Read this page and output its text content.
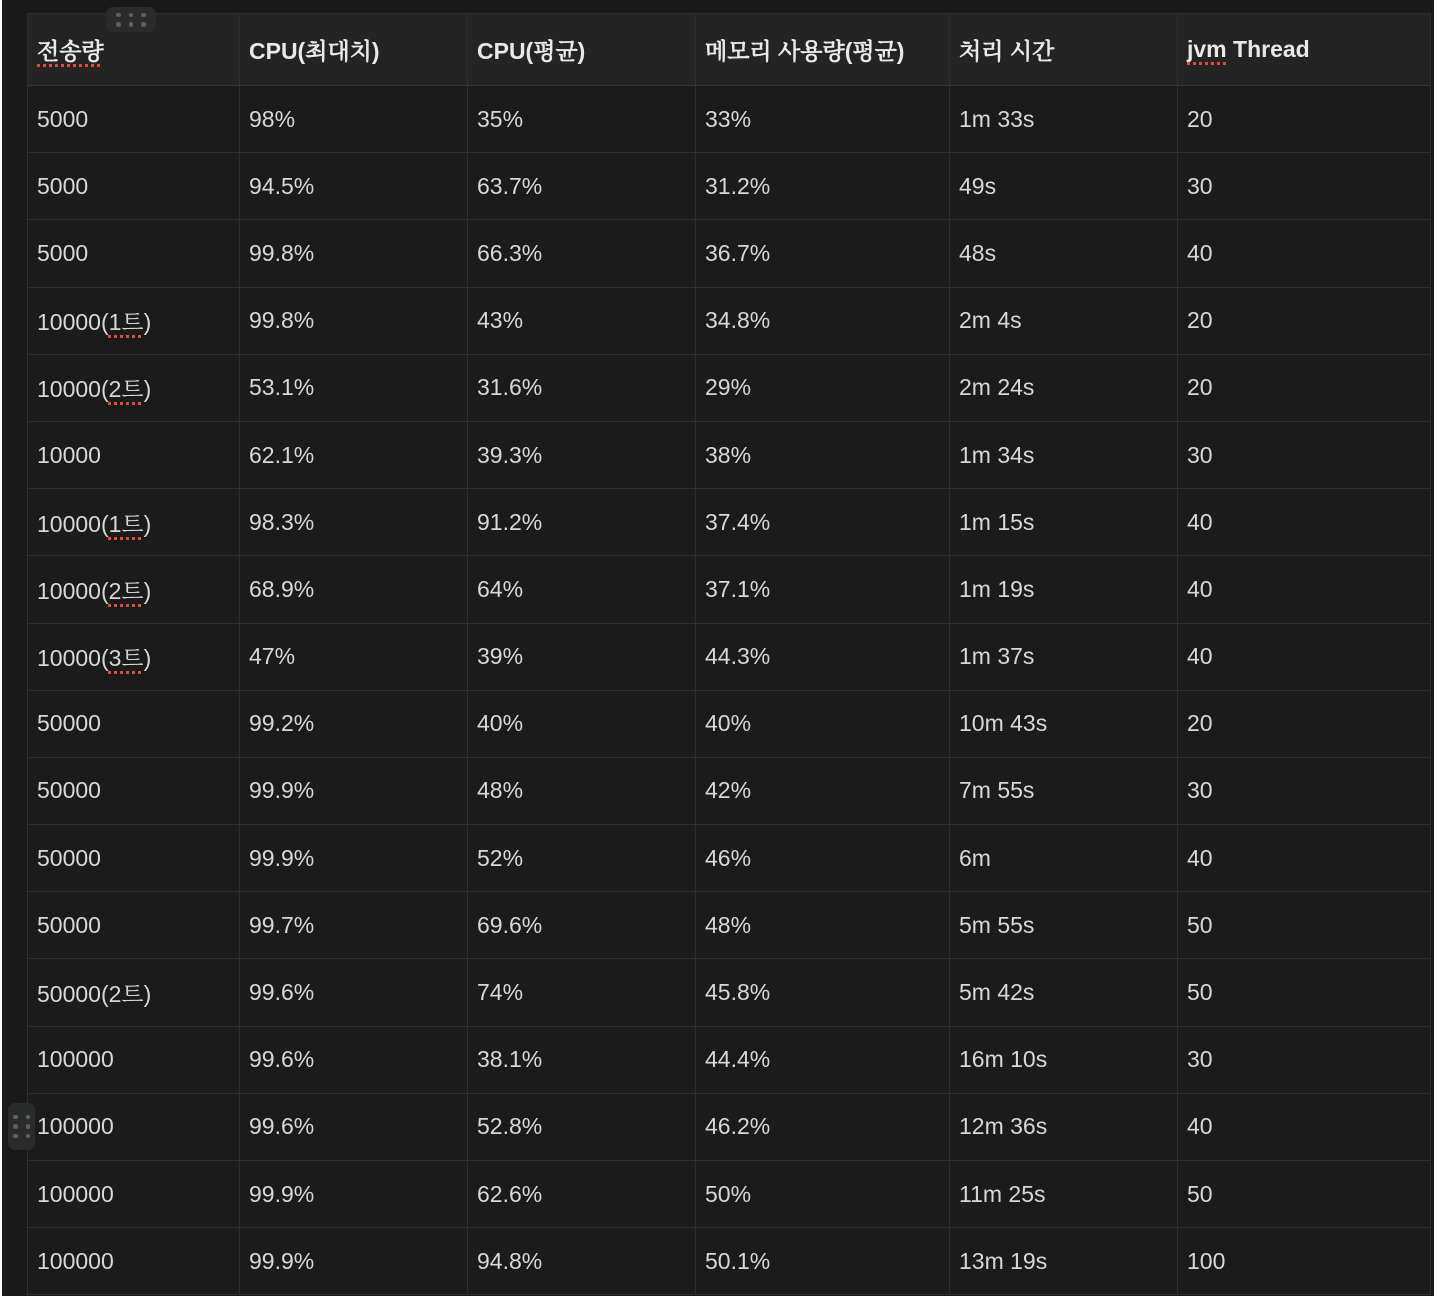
전송량	CPU(최대치)	CPU(평균)	메모리 사용량(평균)	처리 시간	jvm Thread
5000	98%	35%	33%	1m 33s	20
5000	94.5%	63.7%	31.2%	49s	30
5000	99.8%	66.3%	36.7%	48s	40
10000(1트)	99.8%	43%	34.8%	2m 4s	20
10000(2트)	53.1%	31.6%	29%	2m 24s	20
10000	62.1%	39.3%	38%	1m 34s	30
10000(1트)	98.3%	91.2%	37.4%	1m 15s	40
10000(2트)	68.9%	64%	37.1%	1m 19s	40
10000(3트)	47%	39%	44.3%	1m 37s	40
50000	99.2%	40%	40%	10m 43s	20
50000	99.9%	48%	42%	7m 55s	30
50000	99.9%	52%	46%	6m	40
50000	99.7%	69.6%	48%	5m 55s	50
50000(2트)	99.6%	74%	45.8%	5m 42s	50
100000	99.6%	38.1%	44.4%	16m 10s	30
100000	99.6%	52.8%	46.2%	12m 36s	40
100000	99.9%	62.6%	50%	11m 25s	50
100000	99.9%	94.8%	50.1%	13m 19s	100
